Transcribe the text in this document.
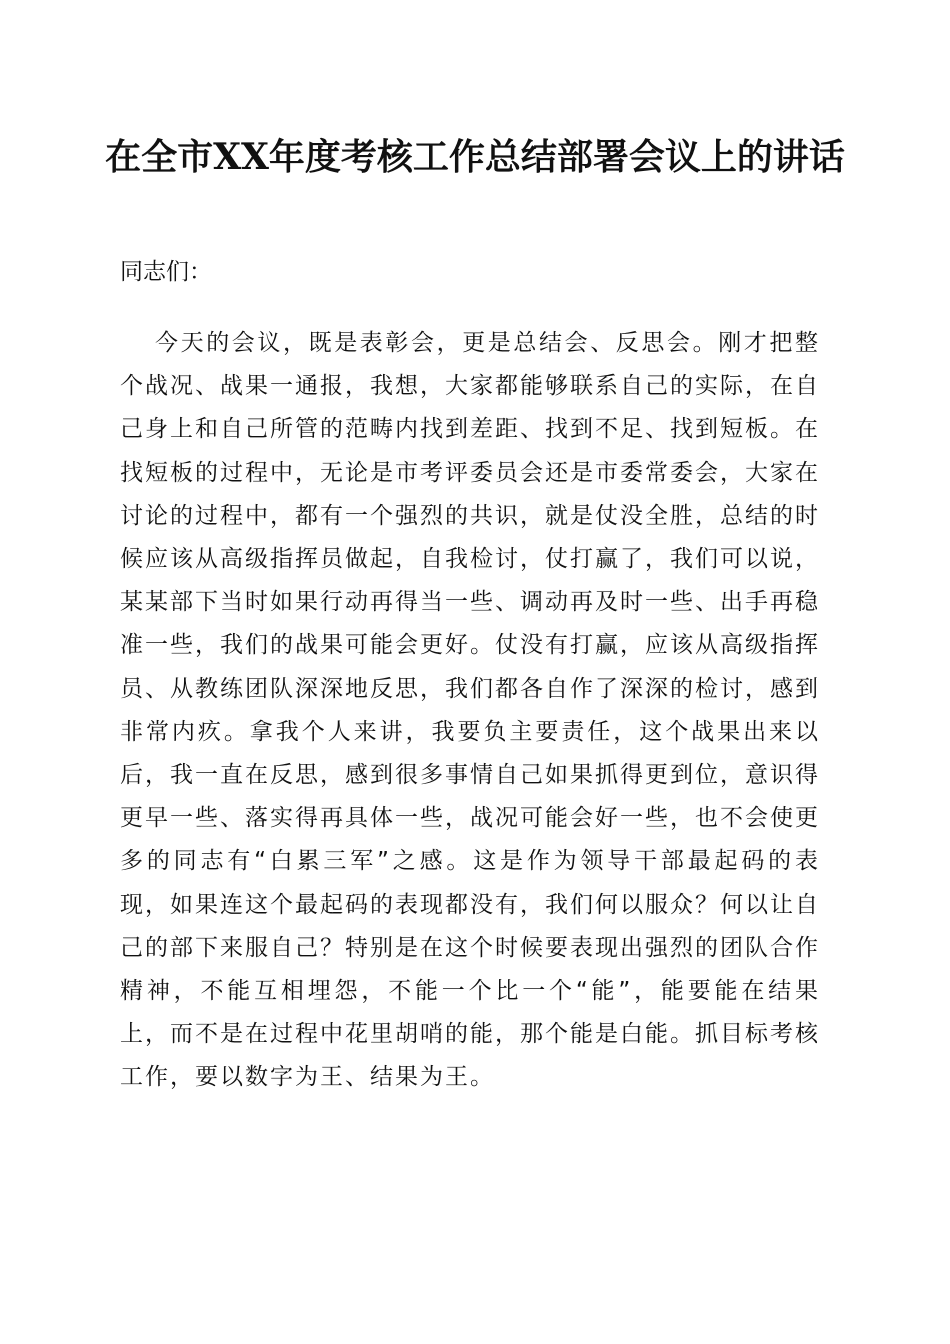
在全市XX年度考核工作总结部署会议上的讲话

同志们：

今天的会议，既是表彰会，更是总结会、反思会。刚才把整个战况、战果一通报，我想，大家都能够联系自己的实际，在自己身上和自己所管的范畴内找到差距、找到不足、找到短板。在找短板的过程中，无论是市考评委员会还是市委常委会，大家在讨论的过程中，都有一个强烈的共识，就是仗没全胜，总结的时候应该从高级指挥员做起，自我检讨，仗打赢了，我们可以说，某某部下当时如果行动再得当一些、调动再及时一些、出手再稳准一些，我们的战果可能会更好。仗没有打赢，应该从高级指挥员、从教练团队深深地反思，我们都各自作了深深的检讨，感到非常内疚。拿我个人来讲，我要负主要责任，这个战果出来以后，我一直在反思，感到很多事情自己如果抓得更到位，意识得更早一些、落实得再具体一些，战况可能会好一些，也不会使更多的同志有“白累三军”之感。这是作为领导干部最起码的表现，如果连这个最起码的表现都没有，我们何以服众？何以让自己的部下来服自己？特别是在这个时候要表现出强烈的团队合作精神，不能互相埋怨，不能一个比一个“能”，能要能在结果上，而不是在过程中花里胡哨的能，那个能是白能。抓目标考核工作，要以数字为王、结果为王。
